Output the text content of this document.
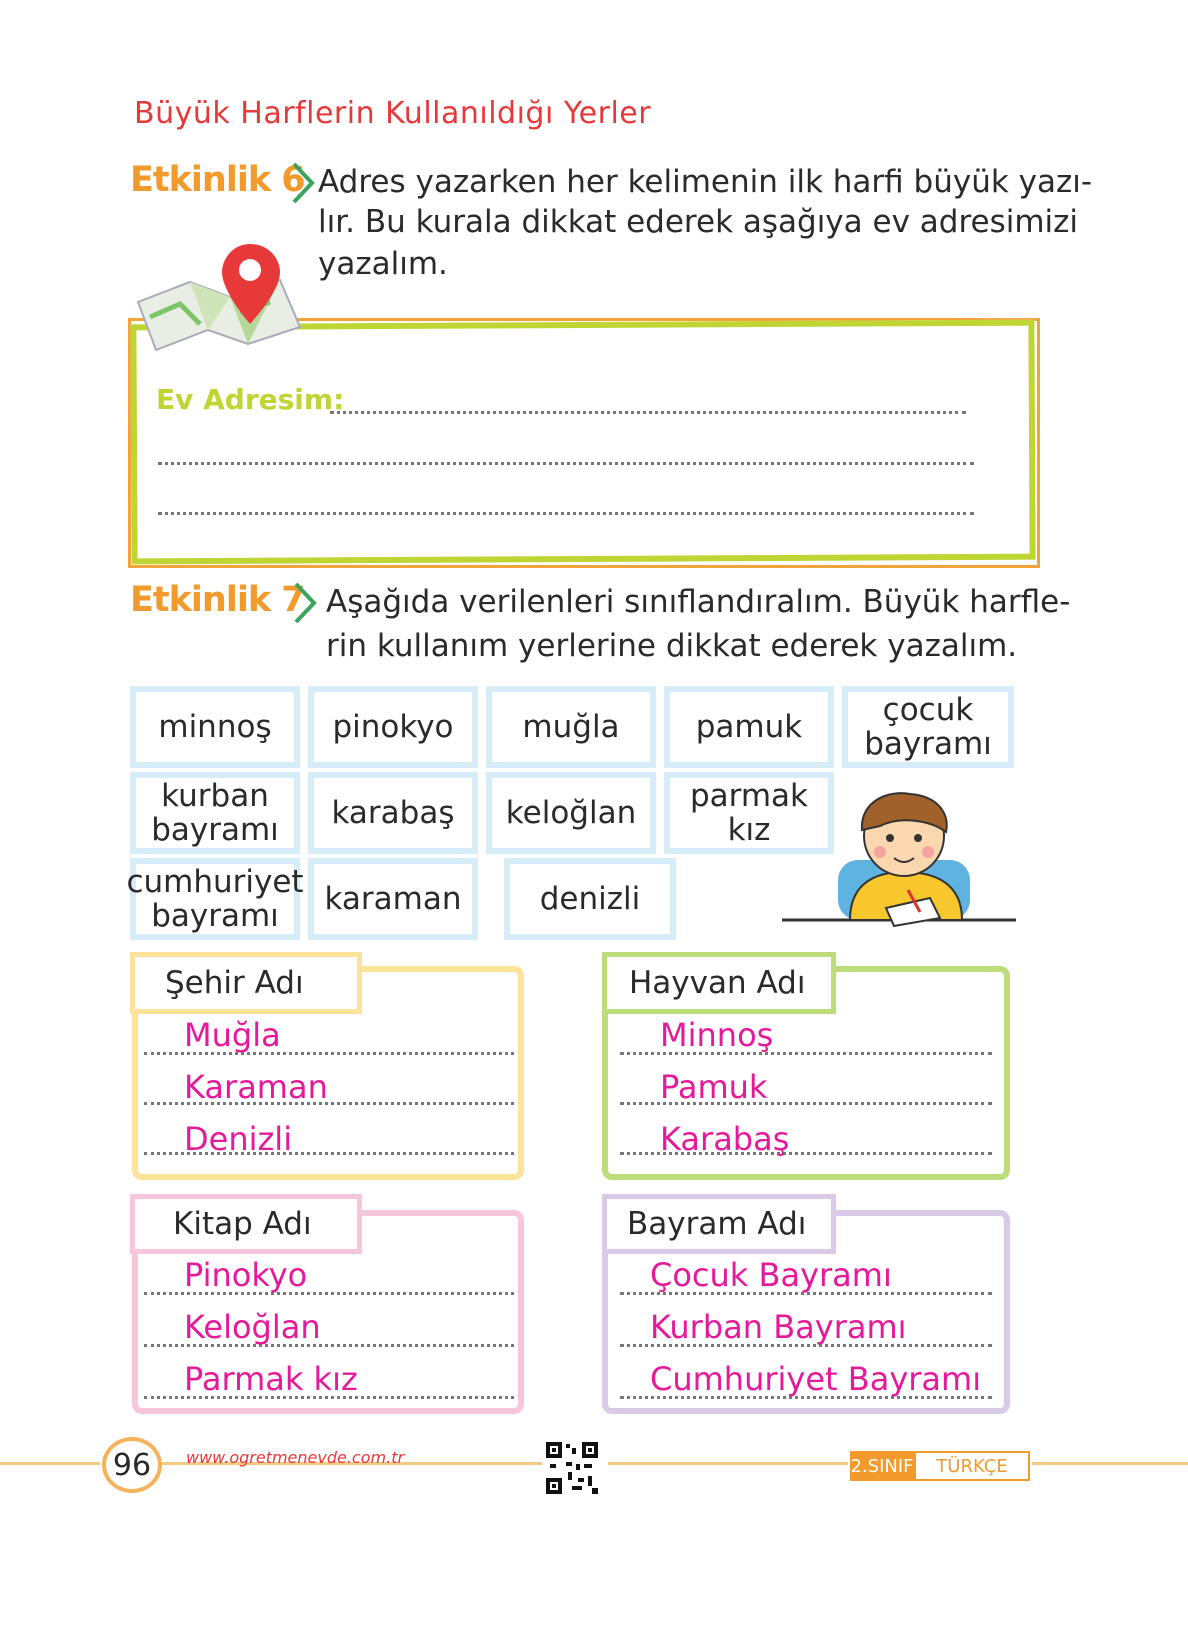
Büyük Harflerin Kullanıldığı Yerler
Etkinlik 6 Adres yazarken her kelimenin ilk harfi büyük yazı-
lır. Bu kurala dikkat ederek aşağıya ev adresimizi
yazalım.
Ev Adresim:
Etkinlik 7 Aşağıda verilenleri sınıflandıralım. Büyük harfle-
rin kullanım yerlerine dikkat ederek yazalım.
minnoş	pinokyo	muğla	pamuk	çocuk bayramı
kurban bayramı	karabaş	keloğlan	parmak kız
cumhuriyet bayramı	karaman	denizli
Şehir Adı
Muğla
Karaman
Denizli
Hayvan Adı
Minnoş
Pamuk
Karabaş
Kitap Adı
Pinokyo
Keloğlan
Parmak kız
Bayram Adı
Çocuk Bayramı
Kurban Bayramı
Cumhuriyet Bayramı
96	www.ogretmenevde.com.tr	2.SINIF	TÜRKÇE
